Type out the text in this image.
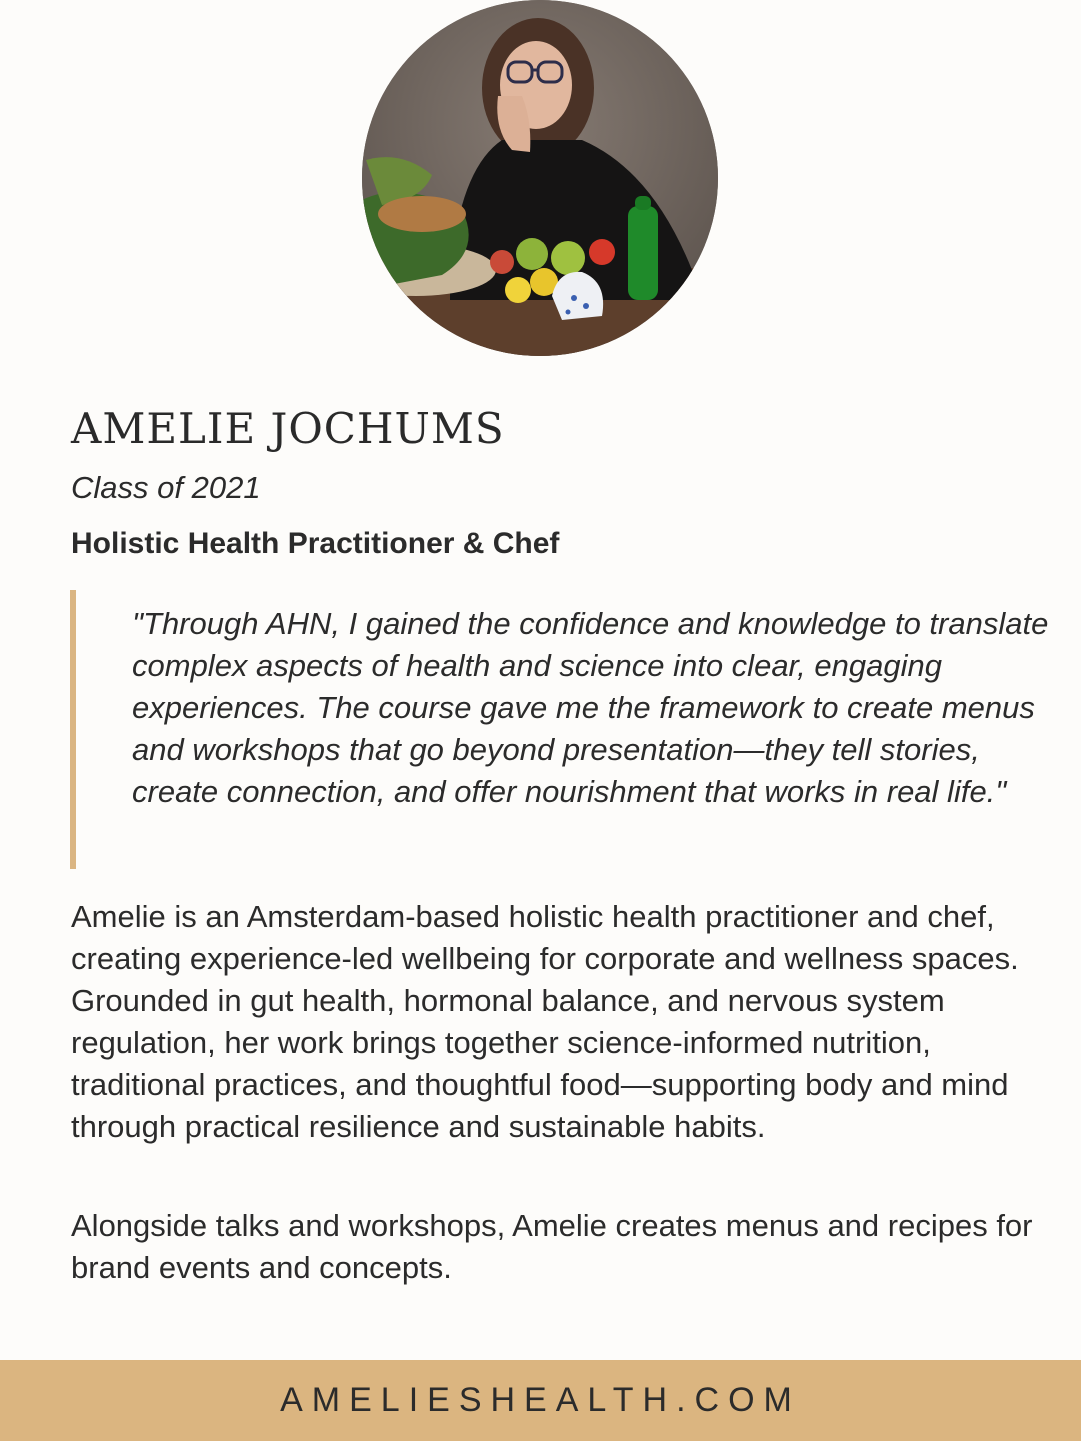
AMELIE JOCHUMS
Class of 2021
Holistic Health Practitioner & Chef

"Through AHN, I gained the confidence and knowledge to translate complex aspects of health and science into clear, engaging experiences. The course gave me the framework to create menus and workshops that go beyond presentation—they tell stories, create connection, and offer nourishment that works in real life."

Amelie is an Amsterdam-based holistic health practitioner and chef, creating experience-led wellbeing for corporate and wellness spaces. Grounded in gut health, hormonal balance, and nervous system regulation, her work brings together science-informed nutrition, traditional practices, and thoughtful food—supporting body and mind through practical resilience and sustainable habits.

Alongside talks and workshops, Amelie creates menus and recipes for brand events and concepts.

AMELIESHEALTH.COM
